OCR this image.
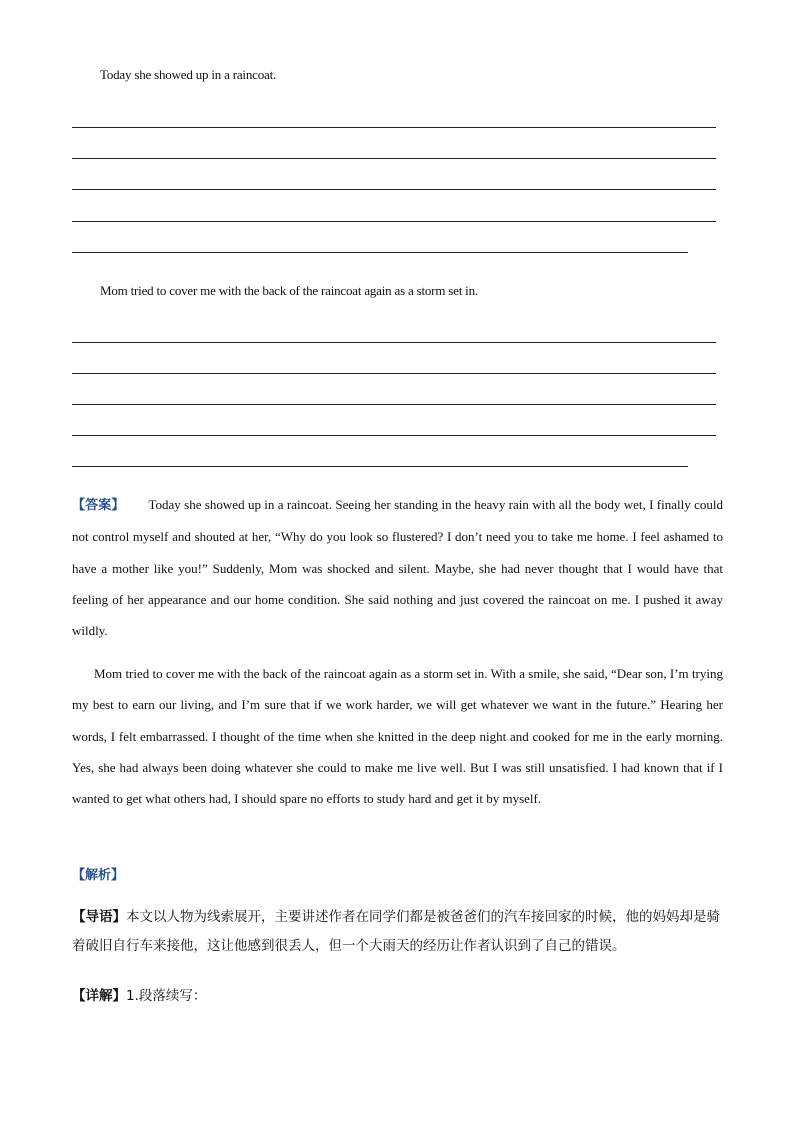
Today she showed up in a raincoat.
Mom tried to cover me with the back of the raincoat again as a storm set in.
【答案】 Today she showed up in a raincoat. Seeing her standing in the heavy rain with all the body wet, I finally could not control myself and shouted at her, “Why do you look so flustered? I don’t need you to take me home. I feel ashamed to have a mother like you!” Suddenly, Mom was shocked and silent. Maybe, she had never thought that I would have that feeling of her appearance and our home condition. She said nothing and just covered the raincoat on me. I pushed it away wildly.
Mom tried to cover me with the back of the raincoat again as a storm set in. With a smile, she said, “Dear son, I’m trying my best to earn our living, and I’m sure that if we work harder, we will get whatever we want in the future.” Hearing her words, I felt embarrassed. I thought of the time when she knitted in the deep night and cooked for me in the early morning. Yes, she had always been doing whatever she could to make me live well. But I was still unsatisfied. I had known that if I wanted to get what others had, I should spare no efforts to study hard and get it by myself.
【解析】
【导语】本文以人物为线索展开，主要讲述作者在同学们都是被爸爸们的汽车接回家的时候，他的妈妈却是骑着破旧自行车来接他，这让他感到很丢人，但一个大雨天的经历让作者认识到了自己的错误。
【详解】1.段落续写：
